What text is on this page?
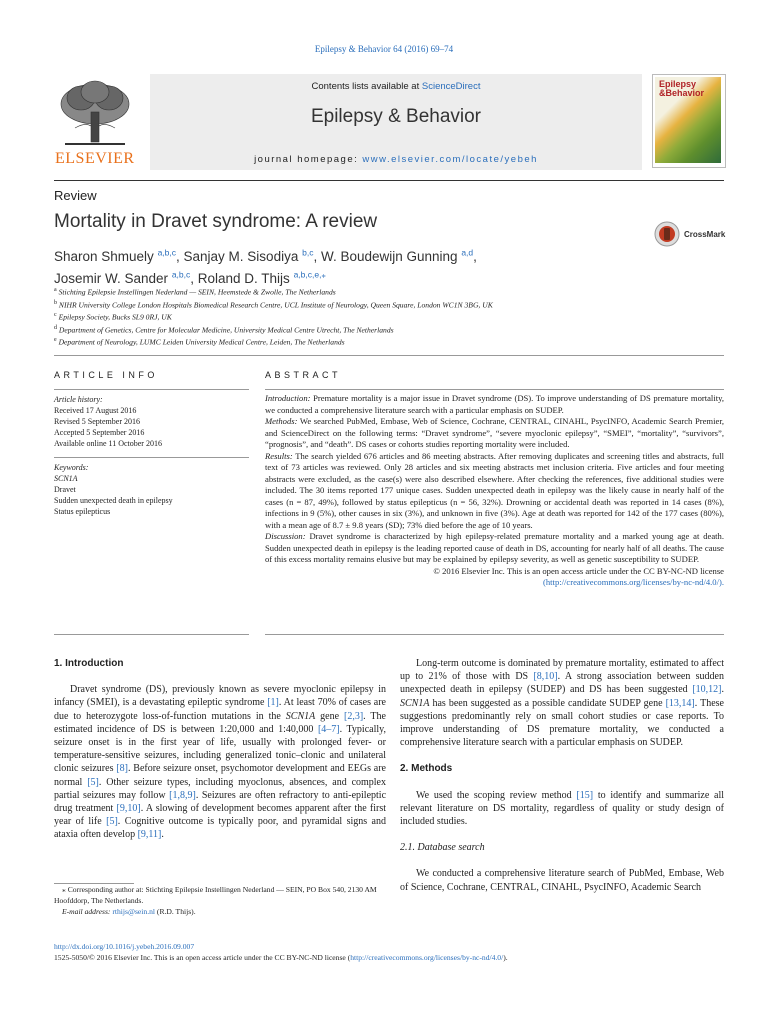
Epilepsy & Behavior 64 (2016) 69–74
ELSEVIER
Contents lists available at ScienceDirect
Epilepsy & Behavior
journal homepage: www.elsevier.com/locate/yebeh
Epilepsy
&Behavior
Review
Mortality in Dravet syndrome: A review
CrossMark
Sharon Shmuely $^{a,b,c}$, Sanjay M. Sisodiya $^{b,c}$, W. Boudewijn Gunning $^{a,d}$,
Josemir W. Sander $^{a,b,c}$, Roland D. Thijs $^{a,b,c,e,⁎}$
$^a$ Stichting Epilepsie Instellingen Nederland — SEIN, Heemstede & Zwolle, The Netherlands
$^b$ NIHR University College London Hospitals Biomedical Research Centre, UCL Institute of Neurology, Queen Square, London WC1N 3BG, UK
$^c$ Epilepsy Society, Bucks SL9 0RJ, UK
$^d$ Department of Genetics, Centre for Molecular Medicine, University Medical Centre Utrecht, The Netherlands
$^e$ Department of Neurology, LUMC Leiden University Medical Centre, Leiden, The Netherlands
ARTICLE INFO
Article history:
Received 17 August 2016
Revised 5 September 2016
Accepted 5 September 2016
Available online 11 October 2016
Keywords:
SCN1A
Dravet
Sudden unexpected death in epilepsy
Status epilepticus
ABSTRACT

Introduction: Premature mortality is a major issue in Dravet syndrome (DS). To improve understanding of DS premature mortality, we conducted a comprehensive literature search with a particular emphasis on SUDEP.

Methods: We searched PubMed, Embase, Web of Science, Cochrane, CENTRAL, CINAHL, PsycINFO, Academic Search Premier, and ScienceDirect on the following terms: “Dravet syndrome”, “severe myoclonic epilepsy”, “SMEI”, “mortality”, “survivors”, “prognosis”, and “death”. DS cases or cohorts studies reporting mortality were included.

Results: The search yielded 676 articles and 86 meeting abstracts. After removing duplicates and screening titles and abstracts, full text of 73 articles was reviewed. Only 28 articles and six meeting abstracts met inclusion criteria. Five articles and four meeting abstracts were excluded, as the case(s) were also described elsewhere. After checking the references, five additional studies were included. The 30 items reported 177 unique cases. Sudden unexpected death in epilepsy was the likely cause in nearly half of the cases (n = 87, 49%), followed by status epilepticus (n = 56, 32%). Drowning or accidental death was reported in 14 cases (8%), infections in 9 (5%), other causes in six (3%), and unknown in five (3%). Age at death was reported for 142 of the 177 cases (80%), with a mean age of 8.7 ± 9.8 years (SD); 73% died before the age of 10 years.

Discussion: Dravet syndrome is characterized by high epilepsy-related premature mortality and a marked young age at death. Sudden unexpected death in epilepsy is the leading reported cause of death in DS, accounting for nearly half of all deaths. The cause of this excess mortality remains elusive but may be explained by epilepsy severity, as well as genetic susceptibility to SUDEP.

© 2016 Elsevier Inc. This is an open access article under the CC BY-NC-ND license

(http://creativecommons.org/licenses/by-nc-nd/4.0/).

1. Introduction

Dravet syndrome (DS), previously known as severe myoclonic epilepsy in infancy (SMEI), is a devastating epileptic syndrome [1]. At least 70% of cases are due to heterozygote loss-of-function mutations in the SCN1A gene [2,3]. The estimated incidence of DS is between 1:20,000 and 1:40,000 [4–7]. Typically, seizure onset is in the first year of life, usually with prolonged fever- or temperature-sensitive seizures, including generalized tonic–clonic and unilateral clonic seizures [8]. Before seizure onset, psychomotor development and EEGs are normal [5]. Other seizure types, including myoclonus, absences, and complex partial seizures may follow [1,8,9]. Seizures are often refractory to anti-epileptic drug treatment [9,10]. A slowing of development becomes apparent after the first year of life [5]. Cognitive outcome is typically poor, and pyramidal signs and ataxia often develop [9,11].

Long-term outcome is dominated by premature mortality, estimated to affect up to 21% of those with DS [8,10]. A strong association between sudden unexpected death in epilepsy (SUDEP) and DS has been suggested [10,12]. SCN1A has been suggested as a possible candidate SUDEP gene [13,14]. These suggestions predominantly rely on small cohort studies or case reports. To improve understanding of DS premature mortality, we conducted a comprehensive literature search with a particular emphasis on SUDEP.

2. Methods

We used the scoping review method [15] to identify and summarize all relevant literature on DS mortality, regardless of quality or study design of included studies.

2.1. Database search

We conducted a comprehensive literature search of PubMed, Embase, Web of Science, Cochrane, CENTRAL, CINAHL, PsycINFO, Academic Search

⁎ Corresponding author at: Stichting Epilepsie Instellingen Nederland — SEIN, PO Box 540, 2130 AM Hoofddorp, The Netherlands.
E-mail address: rthijs@sein.nl (R.D. Thijs).
http://dx.doi.org/10.1016/j.yebeh.2016.09.007
1525-5050/© 2016 Elsevier Inc. This is an open access article under the CC BY-NC-ND license (http://creativecommons.org/licenses/by-nc-nd/4.0/).
